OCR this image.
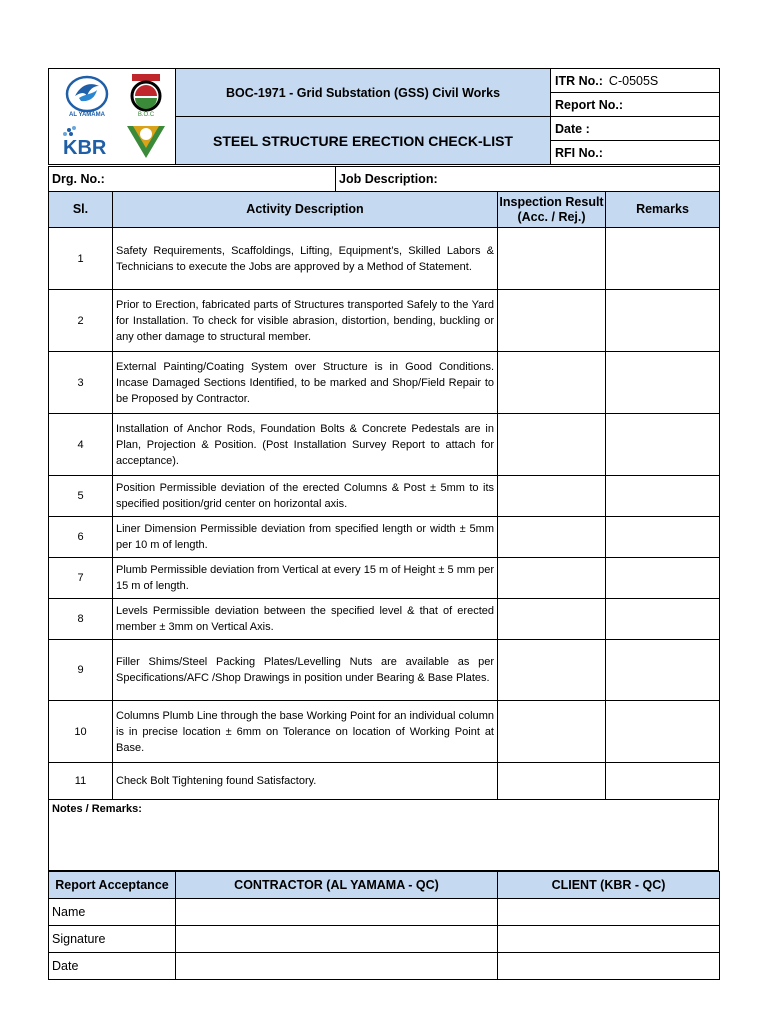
AL YAMAMA B.O.C
KBR	BOC-1971 - Grid Substation (GSS) Civil Works	ITR No.: C-0505S
		Report No.:
	STEEL STRUCTURE ERECTION CHECK-LIST	Date :
		RFI No.:
Drg. No.:	Job Description:
Sl.	Activity Description	Inspection Result (Acc. / Rej.)	Remarks
1	Safety Requirements, Scaffoldings, Lifting, Equipment’s, Skilled Labors & Technicians to execute the Jobs are approved by a Method of Statement.		
2	Prior to Erection, fabricated parts of Structures transported Safely to the Yard for Installation. To check for visible abrasion, distortion, bending, buckling or any other damage to structural member.		
3	External Painting/Coating System over Structure is in Good Conditions. Incase Damaged Sections Identified, to be marked and Shop/Field Repair to be Proposed by Contractor.		
4	Installation of Anchor Rods, Foundation Bolts & Concrete Pedestals are in Plan, Projection & Position. (Post Installation Survey Report to attach for acceptance).		
5	Position Permissible deviation of the erected Columns & Post ± 5mm to its specified position/grid center on horizontal axis.		
6	Liner Dimension Permissible deviation from specified length or width ± 5mm per 10 m of length.		
7	Plumb Permissible deviation from Vertical at every 15 m of Height ± 5 mm per 15 m of length.		
8	Levels Permissible deviation between the specified level & that of erected member ± 3mm on Vertical Axis.		
9	Filler Shims/Steel Packing Plates/Levelling Nuts are available as per Specifications/AFC /Shop Drawings in position under Bearing & Base Plates.		
10	Columns Plumb Line through the base Working Point for an individual column is in precise location ± 6mm on Tolerance on location of Working Point at Base.		
11	Check Bolt Tightening found Satisfactory.		
Notes / Remarks:
Report Acceptance	CONTRACTOR (AL YAMAMA - QC)	CLIENT (KBR - QC)
Name		
Signature		
Date		
